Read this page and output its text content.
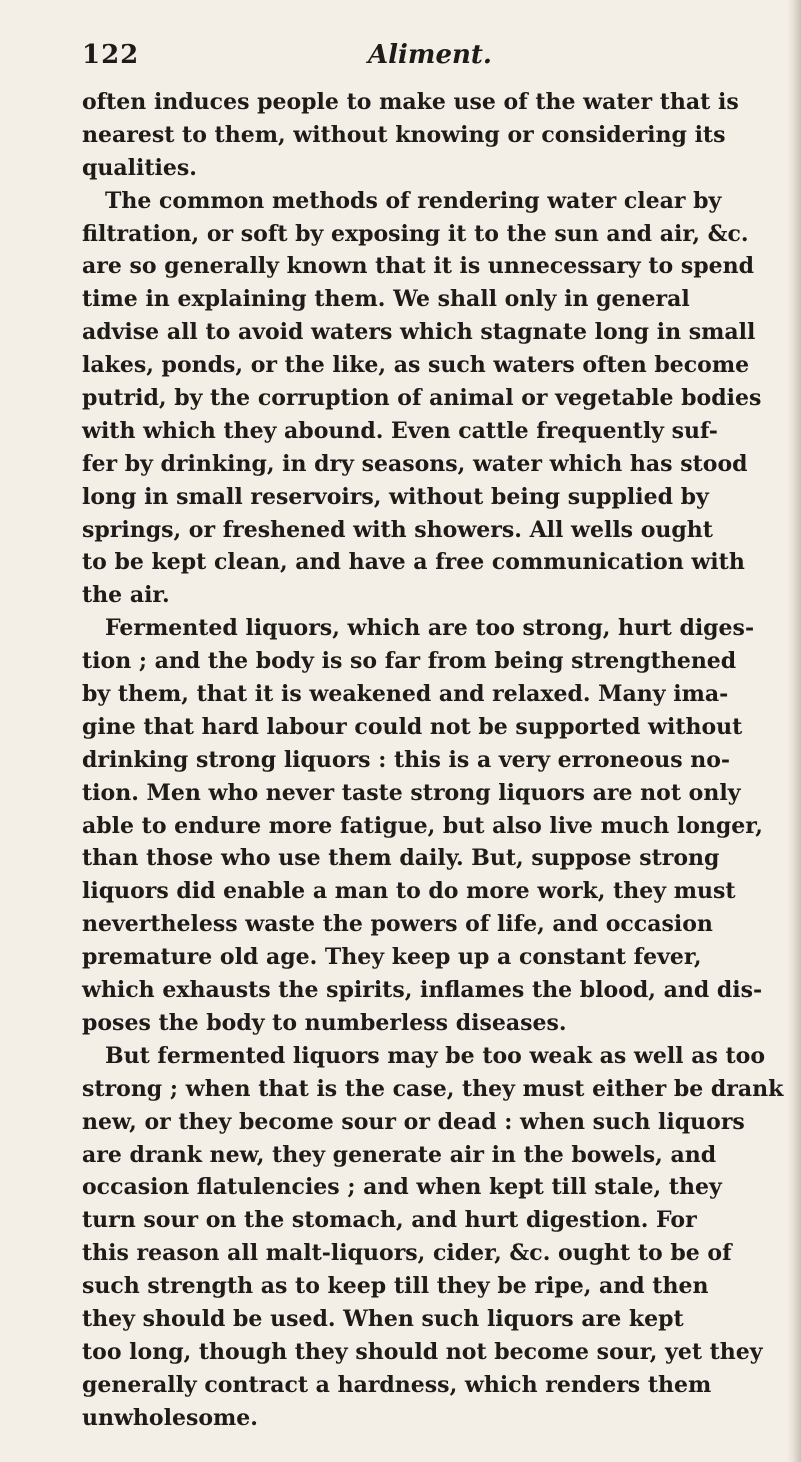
122	Aliment.
often induces people to make use of the water that is
nearest to them, without knowing or considering its
qualities.
The common methods of rendering water clear by
filtration, or soft by exposing it to the sun and air, &c.
are so generally known that it is unnecessary to spend
time in explaining them. We shall only in general
advise all to avoid waters which stagnate long in small
lakes, ponds, or the like, as such waters often become
putrid, by the corruption of animal or vegetable bodies
with which they abound. Even cattle frequently suf-
fer by drinking, in dry seasons, water which has stood
long in small reservoirs, without being supplied by
springs, or freshened with showers. All wells ought
to be kept clean, and have a free communication with
the air.
Fermented liquors, which are too strong, hurt diges-
tion ; and the body is so far from being strengthened
by them, that it is weakened and relaxed. Many ima-
gine that hard labour could not be supported without
drinking strong liquors : this is a very erroneous no-
tion. Men who never taste strong liquors are not only
able to endure more fatigue, but also live much longer,
than those who use them daily. But, suppose strong
liquors did enable a man to do more work, they must
nevertheless waste the powers of life, and occasion
premature old age. They keep up a constant fever,
which exhausts the spirits, inflames the blood, and dis-
poses the body to numberless diseases.
But fermented liquors may be too weak as well as too
strong ; when that is the case, they must either be drank
new, or they become sour or dead : when such liquors
are drank new, they generate air in the bowels, and
occasion flatulencies ; and when kept till stale, they
turn sour on the stomach, and hurt digestion. For
this reason all malt-liquors, cider, &c. ought to be of
such strength as to keep till they be ripe, and then
they should be used. When such liquors are kept
too long, though they should not become sour, yet they
generally contract a hardness, which renders them
unwholesome.
